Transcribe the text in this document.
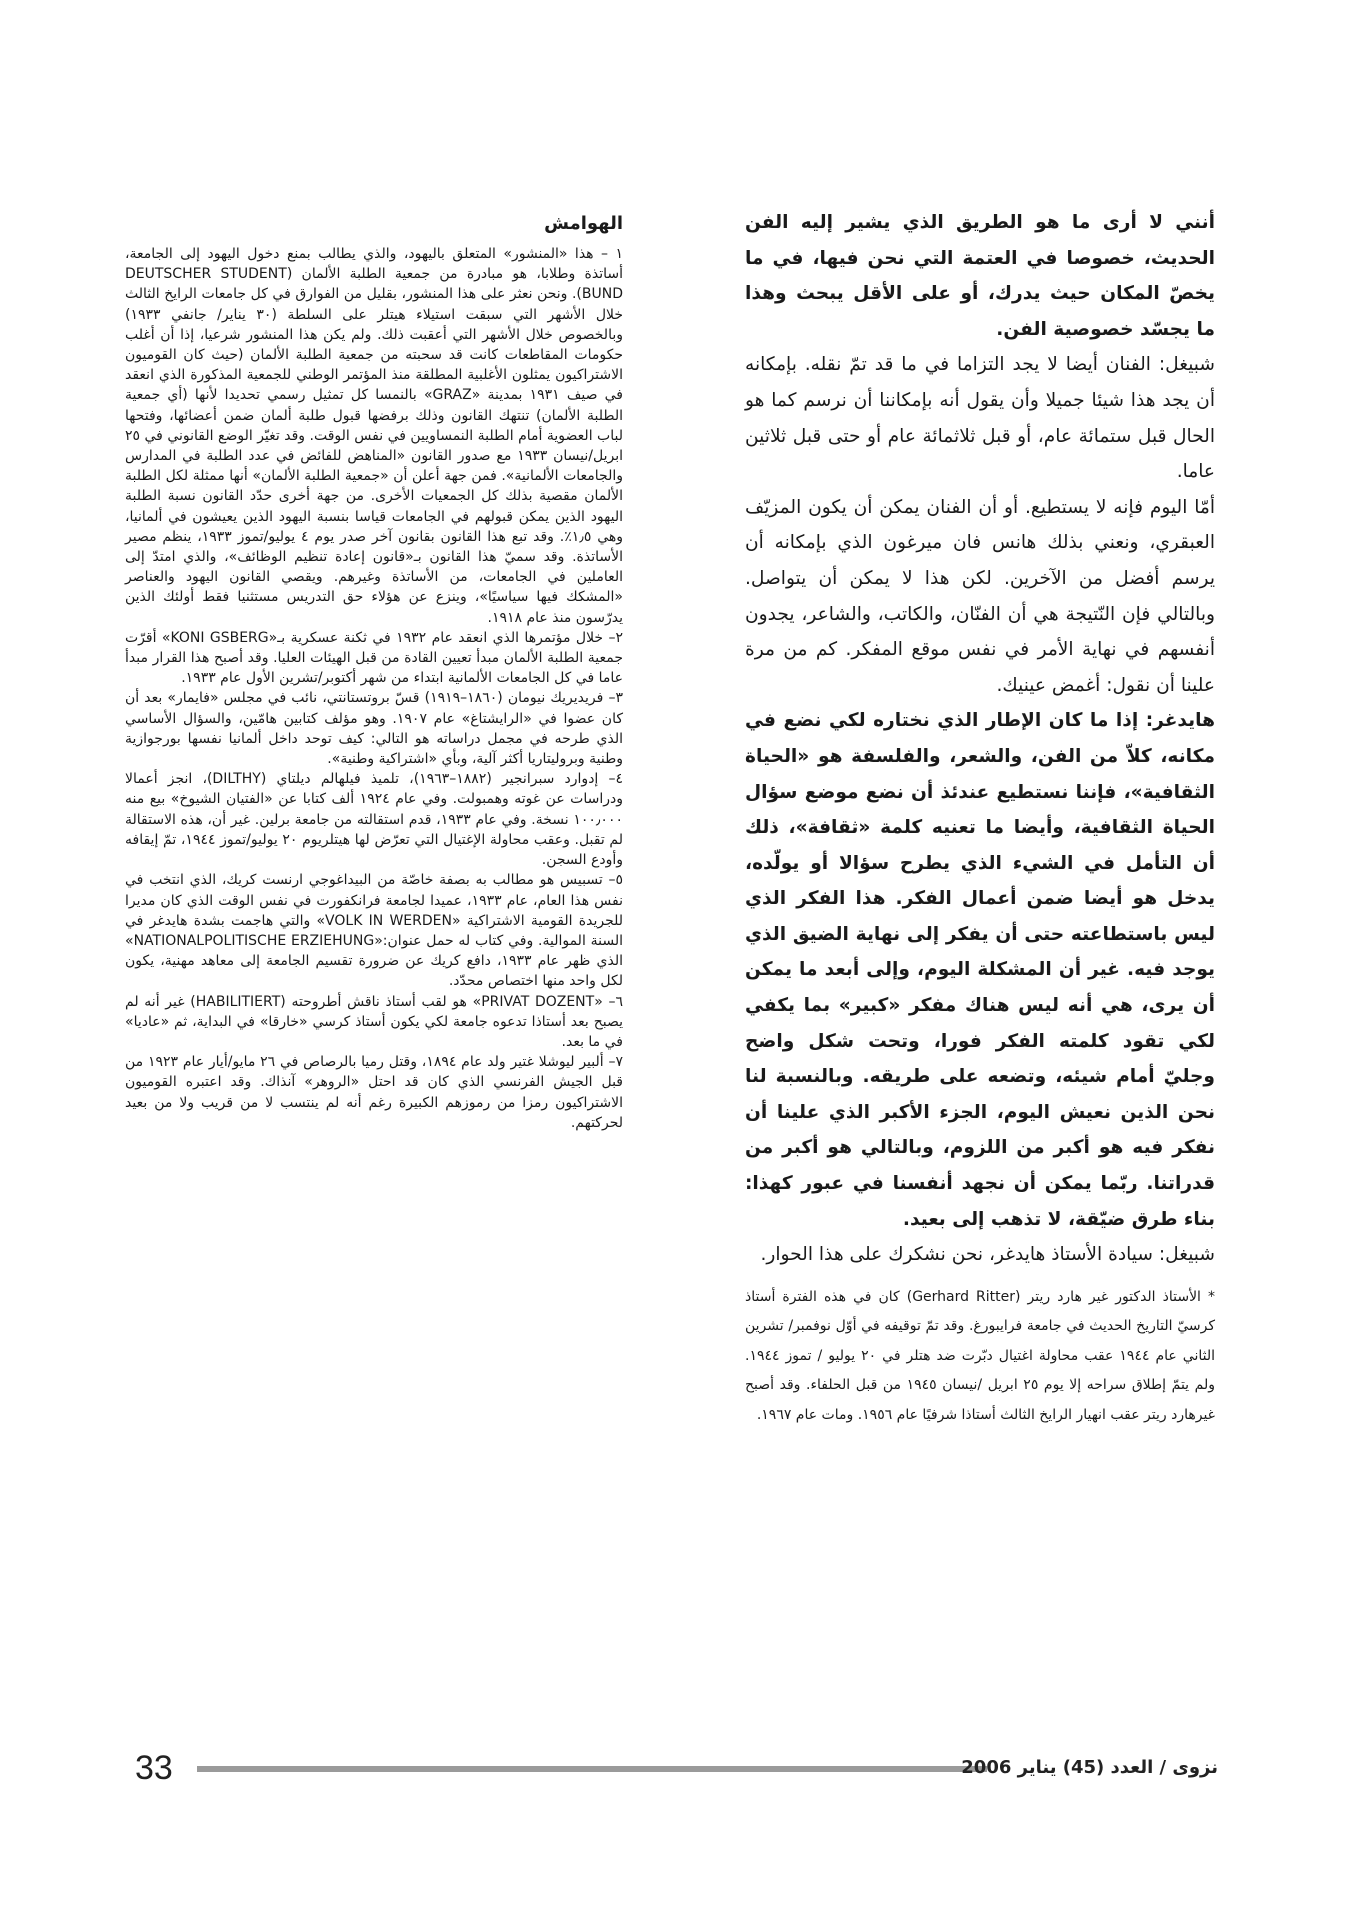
أنني لا أرى ما هو الطريق الذي يشير إليه الفن الحديث، خصوصا في العتمة التي نحن فيها، في ما يخصّ المكان حيث يدرك، أو على الأقل يبحث وهذا ما يجسّد خصوصية الفن.

شبيغل: الفنان أيضا لا يجد التزاما في ما قد تمّ نقله. بإمكانه أن يجد هذا شيئا جميلا وأن يقول أنه بإمكاننا أن نرسم كما هو الحال قبل ستمائة عام، أو قبل ثلاثمائة عام أو حتى قبل ثلاثين عاما.

أمّا اليوم فإنه لا يستطيع. أو أن الفنان يمكن أن يكون المزيّف العبقري، ونعني بذلك هانس فان ميرغون الذي بإمكانه أن يرسم أفضل من الآخرين. لكن هذا لا يمكن أن يتواصل. وبالتالي فإن النّتيجة هي أن الفنّان، والكاتب، والشاعر، يجدون أنفسهم في نهاية الأمر في نفس موقع المفكر. كم من مرة علينا أن نقول: أغمض عينيك.

هايدغر: إذا ما كان الإطار الذي نختاره لكي نضع في مكانه، كلاّ من الفن، والشعر، والفلسفة هو «الحياة الثقافية»، فإننا نستطيع عندئذ أن نضع موضع سؤال الحياة الثقافية، وأيضا ما تعنيه كلمة «ثقافة»، ذلك أن التأمل في الشيء الذي يطرح سؤالا أو يولّده، يدخل هو أيضا ضمن أعمال الفكر. هذا الفكر الذي ليس باستطاعته حتى أن يفكر إلى نهاية الضيق الذي يوجد فيه. غير أن المشكلة اليوم، وإلى أبعد ما يمكن أن يرى، هي أنه ليس هناك مفكر «كبير» بما يكفي لكي تقود كلمته الفكر فورا، وتحت شكل واضح وجليّ أمام شيئه، وتضعه على طريقه. وبالنسبة لنا نحن الذين نعيش اليوم، الجزء الأكبر الذي علينا أن نفكر فيه هو أكبر من اللزوم، وبالتالي هو أكبر من قدراتنا. ربّما يمكن أن نجهد أنفسنا في عبور كهذا: بناء طرق ضيّقة، لا تذهب إلى بعيد.

شبيغل: سيادة الأستاذ هايدغر، نحن نشكرك على هذا الحوار.

* الأستاذ الدكتور غير هارد ريتر (Gerhard Ritter) كان في هذه الفترة أستاذ كرسيّ التاريخ الحديث في جامعة فرايبورغ. وقد تمّ توقيفه في أوّل نوفمبر/ تشرين الثاني عام ١٩٤٤ عقب محاولة اغتيال دبّرت ضد هتلر في ٢٠ يوليو / تموز ١٩٤٤. ولم يتمّ إطلاق سراحه إلا يوم ٢٥ ابريل /نيسان ١٩٤٥ من قبل الحلفاء. وقد أصبح غيرهارد ريتر عقب انهيار الرايخ الثالث أستاذا شرفيًا عام ١٩٥٦. ومات عام ١٩٦٧.
الهوامش

١ – هذا «المنشور» المتعلق باليهود، والذي يطالب بمنع دخول اليهود إلى الجامعة، أساتذة وطلابا، هو مبادرة من جمعية الطلبة الألمان (DEUTSCHER STUDENT BUND). ونحن نعثر على هذا المنشور، بقليل من الفوارق في كل جامعات الرايخ الثالث خلال الأشهر التي سبقت استيلاء هيتلر على السلطة (٣٠ يناير/ جانفي ١٩٣٣) وبالخصوص خلال الأشهر التي أعقبت ذلك. ولم يكن هذا المنشور شرعيا، إذا أن أغلب حكومات المقاطعات كانت قد سحبته من جمعية الطلبة الألمان (حيث كان القوميون الاشتراكيون يمثلون الأغلبية المطلقة منذ المؤتمر الوطني للجمعية المذكورة الذي انعقد في صيف ١٩٣١ بمدينة «GRAZ» بالنمسا كل تمثيل رسمي تحديدا لأنها (أي جمعية الطلبة الألمان) تنتهك القانون وذلك برفضها قبول طلبة ألمان ضمن أعضائها، وفتحها لباب العضوية أمام الطلبة النمساويين في نفس الوقت. وقد تغيّر الوضع القانوني في ٢٥ ابريل/نيسان ١٩٣٣ مع صدور القانون «المناهض للفائض في عدد الطلبة في المدارس والجامعات الألمانية». فمن جهة أعلن أن «جمعية الطلبة الألمان» أنها ممثلة لكل الطلبة الألمان مقصية بذلك كل الجمعيات الأخرى. من جهة أخرى حدّد القانون نسبة الطلبة اليهود الذين يمكن قبولهم في الجامعات قياسا بنسبة اليهود الذين يعيشون في ألمانيا، وهي ١٫٥٪. وقد تبع هذا القانون بقانون آخر صدر يوم ٤ يوليو/تموز ١٩٣٣، ينظم مصير الأساتذة. وقد سميّ هذا القانون بـ«قانون إعادة تنظيم الوظائف»، والذي امتدّ إلى العاملين في الجامعات، من الأساتذة وغيرهم. ويقصي القانون اليهود والعناصر «المشكك فيها سياسيًا»، وينزع عن هؤلاء حق التدريس مستثنيا فقط أولئك الذين يدرّسون منذ عام ١٩١٨.

٢– خلال مؤتمرها الذي انعقد عام ١٩٣٢ في ثكنة عسكرية بـ«KONI GSBERG» أقرّت جمعية الطلبة الألمان مبدأ تعيين القادة من قبل الهيئات العليا. وقد أصبح هذا القرار مبدأ عاما في كل الجامعات الألمانية ابتداء من شهر أكتوبر/تشرين الأول عام ١٩٣٣.

٣– فريديريك نيومان (١٨٦٠–١٩١٩) قسّ بروتستانتي، نائب في مجلس «فايمار» بعد أن كان عضوا في «الرايشتاغ» عام ١٩٠٧. وهو مؤلف كتابين هامّين، والسؤال الأساسي الذي طرحه في مجمل دراساته هو التالي: كيف توحد داخل ألمانيا نفسها بورجوازية وطنية وبروليتاريا أكثر آلية، وبأي «اشتراكية وطنية».

٤– إدوارد سبرانجير (١٨٨٢–١٩٦٣)، تلميذ فيلهالم ديلتاي (DILTHY)، انجز أعمالا ودراسات عن غوته وهمبولت. وفي عام ١٩٢٤ ألف كتابا عن «الفتيان الشيوخ» بيع منه ١٠٠٫٠٠٠ نسخة. وفي عام ١٩٣٣، قدم استقالته من جامعة برلين. غير أن، هذه الاستقالة لم تقبل. وعقب محاولة الإغتيال التي تعرّض لها هيتلريوم ٢٠ يوليو/تموز ١٩٤٤، تمّ إيقافه وأودع السجن.

٥– تسبيس هو مطالب به بصفة خاصّة من البيداغوجي ارنست كريك، الذي انتخب في نفس هذا العام، عام ١٩٣٣، عميدا لجامعة فرانكفورت في نفس الوقت الذي كان مديرا للجريدة القومية الاشتراكية «VOLK IN WERDEN» والتي هاجمت بشدة هايدغر في السنة الموالية. وفي كتاب له حمل عنوان:«NATIONALPOLITISCHE ERZIEHUNG» الذي ظهر عام ١٩٣٣، دافع كريك عن ضرورة تقسيم الجامعة إلى معاهد مهنية، يكون لكل واحد منها اختصاص محدّد.

٦– «PRIVAT DOZENT» هو لقب أستاذ ناقش أطروحته (HABILITIERT) غير أنه لم يصبح بعد أستاذا تدعوه جامعة لكي يكون أستاذ كرسي «خارقا» في البداية، ثم «عاديا» في ما بعد.

٧– ألبير ليوشلا غتير ولد عام ١٨٩٤، وقتل رميا بالرصاص في ٢٦ مايو/أيار عام ١٩٢٣ من قبل الجيش الفرنسي الذي كان قد احتل «الروهر» آنذاك. وقد اعتبره القوميون الاشتراكيون رمزا من رموزهم الكبيرة رغم أنه لم ينتسب لا من قريب ولا من بعيد لحركتهم.

33	نزوى / العدد (45) يناير 2006
